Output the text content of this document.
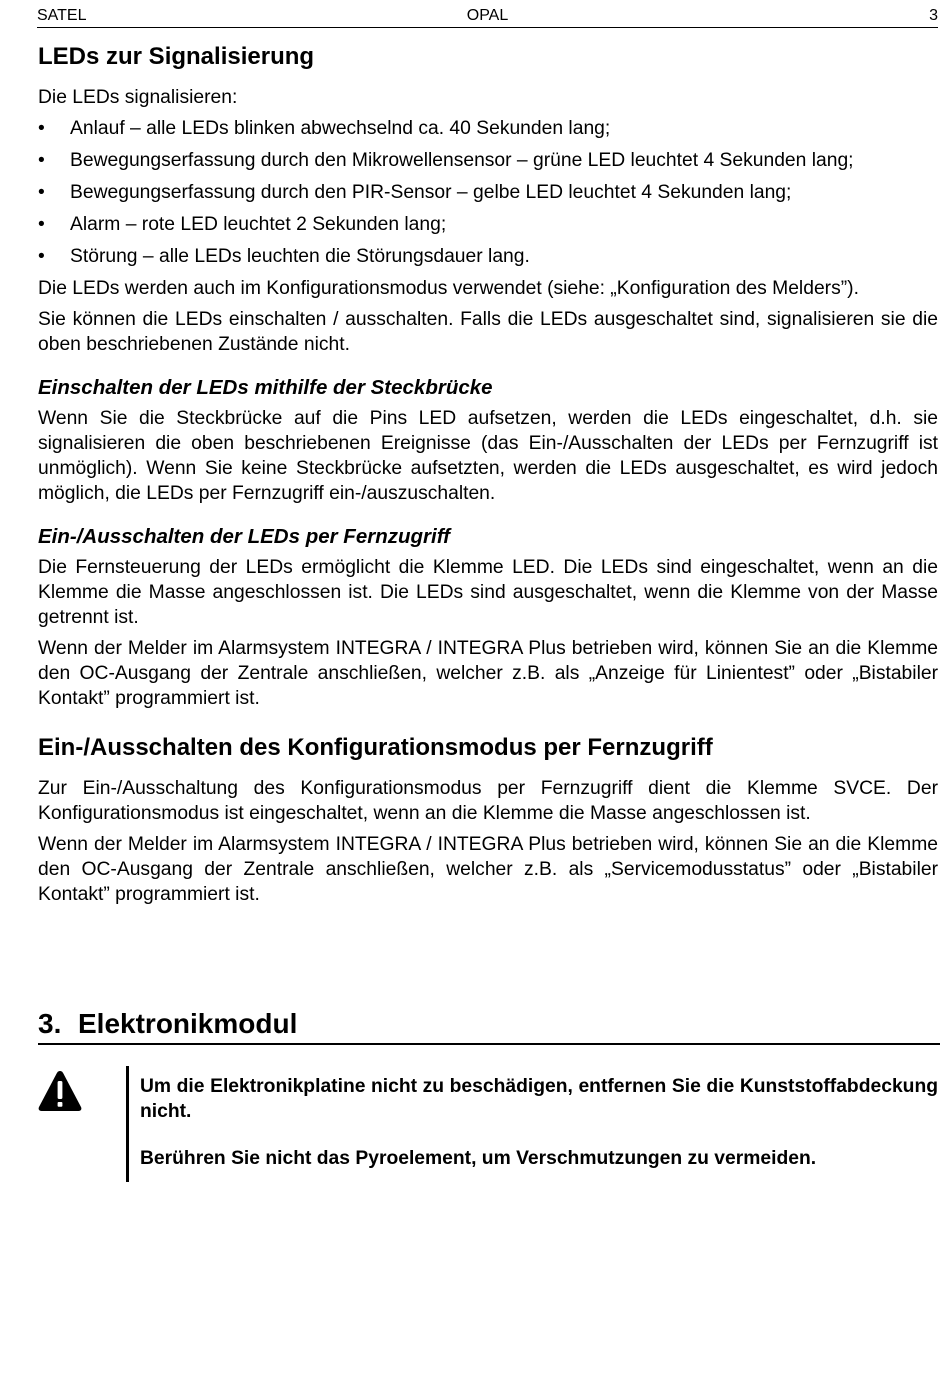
SATEL	OPAL	3
LEDs zur Signalisierung

Die LEDs signalisieren:

• Anlauf – alle LEDs blinken abwechselnd ca. 40 Sekunden lang;
• Bewegungserfassung durch den Mikrowellensensor – grüne LED leuchtet 4 Sekunden lang;
• Bewegungserfassung durch den PIR-Sensor – gelbe LED leuchtet 4 Sekunden lang;
• Alarm – rote LED leuchtet 2 Sekunden lang;
• Störung – alle LEDs leuchten die Störungsdauer lang.

Die LEDs werden auch im Konfigurationsmodus verwendet (siehe: „Konfiguration des Melders”).

Sie können die LEDs einschalten / ausschalten. Falls die LEDs ausgeschaltet sind, signalisieren sie die oben beschriebenen Zustände nicht.

Einschalten der LEDs mithilfe der Steckbrücke

Wenn Sie die Steckbrücke auf die Pins LED aufsetzen, werden die LEDs eingeschaltet, d.h. sie signalisieren die oben beschriebenen Ereignisse (das Ein-/Ausschalten der LEDs per Fernzugriff ist unmöglich). Wenn Sie keine Steckbrücke aufsetzten, werden die LEDs ausgeschaltet, es wird jedoch möglich, die LEDs per Fernzugriff ein-/auszuschalten.

Ein-/Ausschalten der LEDs per Fernzugriff

Die Fernsteuerung der LEDs ermöglicht die Klemme LED. Die LEDs sind eingeschaltet, wenn an die Klemme die Masse angeschlossen ist. Die LEDs sind ausgeschaltet, wenn die Klemme von der Masse getrennt ist.

Wenn der Melder im Alarmsystem INTEGRA / INTEGRA Plus betrieben wird, können Sie an die Klemme den OC-Ausgang der Zentrale anschließen, welcher z.B. als „Anzeige für Linientest” oder „Bistabiler Kontakt” programmiert ist.

Ein-/Ausschalten des Konfigurationsmodus per Fernzugriff

Zur Ein-/Ausschaltung des Konfigurationsmodus per Fernzugriff dient die Klemme SVCE. Der Konfigurationsmodus ist eingeschaltet, wenn an die Klemme die Masse angeschlossen ist.

Wenn der Melder im Alarmsystem INTEGRA / INTEGRA Plus betrieben wird, können Sie an die Klemme den OC-Ausgang der Zentrale anschließen, welcher z.B. als „Servicemodusstatus” oder „Bistabiler Kontakt” programmiert ist.

3. Elektronikmodul

Um die Elektronikplatine nicht zu beschädigen, entfernen Sie die Kunststoffabdeckung nicht.

Berühren Sie nicht das Pyroelement, um Verschmutzungen zu vermeiden.
